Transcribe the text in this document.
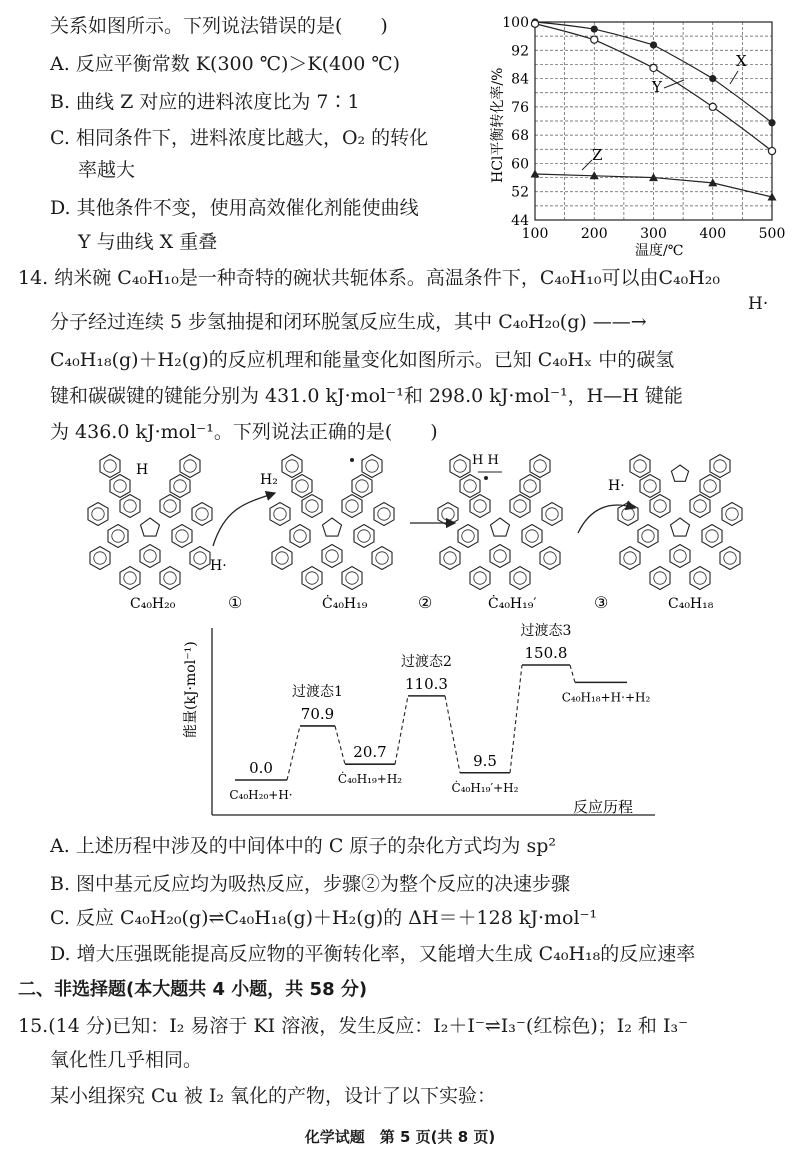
关系如图所示。下列说法错误的是(　　)
A. 反应平衡常数 K(300 ℃)＞K(400 ℃)
B. 曲线 Z 对应的进料浓度比为 7∶1
C. 相同条件下，进料浓度比越大，O₂ 的转化
率越大
D. 其他条件不变，使用高效催化剂能使曲线
Y 与曲线 X 重叠
44
52
60
68
76
84
92
100
100 200 300 400 500
X
Y
Z
HCl平衡转化率/%
温度/℃
14. 纳米碗 C₄₀H₁₀是一种奇特的碗状共轭体系。高温条件下，C₄₀H₁₀可以由C₄₀H₂₀
分子经过连续 5 步氢抽提和闭环脱氢反应生成，其中 C₄₀H₂₀(g) ——→
H·
C₄₀H₁₈(g)＋H₂(g)的反应机理和能量变化如图所示。已知 C₄₀Hₓ 中的碳氢
键和碳碳键的键能分别为 431.0 kJ·mol⁻¹和 298.0 kJ·mol⁻¹，H—H 键能
为 436.0 kJ·mol⁻¹。下列说法正确的是(　　)
H₂
H·
H·
H
H H
C₄₀H₂₀	①	Ċ₄₀H₁₉	②	Ċ₄₀H₁₉′	③	C₄₀H₁₈
能量(kJ·mol⁻¹)
反应历程
0.0
C₄₀H₂₀+H·
70.9
过渡态1
20.7
Ċ₄₀H₁₉+H₂
110.3
过渡态2
9.5
Ċ₄₀H₁₉′+H₂
150.8
过渡态3
C₄₀H₁₈+H·+H₂
A. 上述历程中涉及的中间体中的 C 原子的杂化方式均为 sp²
B. 图中基元反应均为吸热反应，步骤②为整个反应的决速步骤
C. 反应 C₄₀H₂₀(g)⇌C₄₀H₁₈(g)＋H₂(g)的 ΔH＝＋128 kJ·mol⁻¹
D. 增大压强既能提高反应物的平衡转化率，又能增大生成 C₄₀H₁₈的反应速率
二、非选择题(本大题共 4 小题，共 58 分)
15.(14 分)已知：I₂ 易溶于 KI 溶液，发生反应：I₂＋I⁻⇌I₃⁻(红棕色)；I₂ 和 I₃⁻
氧化性几乎相同。
某小组探究 Cu 被 I₂ 氧化的产物，设计了以下实验：
化学试题　第 5 页(共 8 页)
